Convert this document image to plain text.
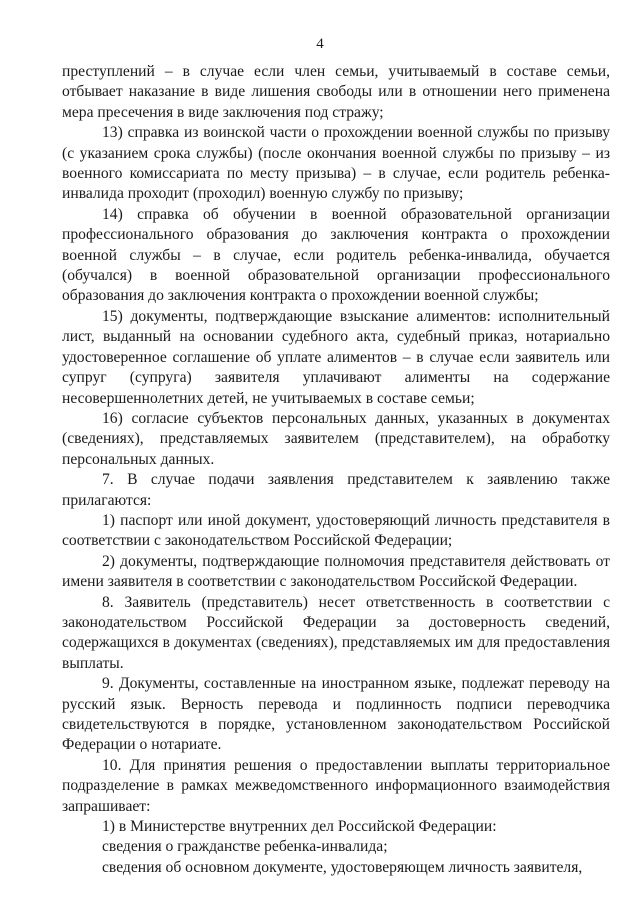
4

преступлений – в случае если член семьи, учитываемый в составе семьи, отбывает наказание в виде лишения свободы или в отношении него применена мера пресечения в виде заключения под стражу;

13) справка из воинской части о прохождении военной службы по призыву (с указанием срока службы) (после окончания военной службы по призыву – из военного комиссариата по месту призыва) – в случае, если родитель ребенка-инвалида проходит (проходил) военную службу по призыву;

14) справка об обучении в военной образовательной организации профессионального образования до заключения контракта о прохождении военной службы – в случае, если родитель ребенка-инвалида, обучается (обучался) в военной образовательной организации профессионального образования до заключения контракта о прохождении военной службы;

15) документы, подтверждающие взыскание алиментов: исполнительный лист, выданный на основании судебного акта, судебный приказ, нотариально удостоверенное соглашение об уплате алиментов – в случае если заявитель или супруг (супруга) заявителя уплачивают алименты на содержание несовершеннолетних детей, не учитываемых в составе семьи;

16) согласие субъектов персональных данных, указанных в документах (сведениях), представляемых заявителем (представителем), на обработку персональных данных.

7. В случае подачи заявления представителем к заявлению также прилагаются:

1) паспорт или иной документ, удостоверяющий личность представителя в соответствии с законодательством Российской Федерации;

2) документы, подтверждающие полномочия представителя действовать от имени заявителя в соответствии с законодательством Российской Федерации.

8. Заявитель (представитель) несет ответственность в соответствии с законодательством Российской Федерации за достоверность сведений, содержащихся в документах (сведениях), представляемых им для предоставления выплаты.

9. Документы, составленные на иностранном языке, подлежат переводу на русский язык. Верность перевода и подлинность подписи переводчика свидетельствуются в порядке, установленном законодательством Российской Федерации о нотариате.

10. Для принятия решения о предоставлении выплаты территориальное подразделение в рамках межведомственного информационного взаимодействия запрашивает:

1) в Министерстве внутренних дел Российской Федерации:

сведения о гражданстве ребенка-инвалида;

сведения об основном документе, удостоверяющем личность заявителя,
